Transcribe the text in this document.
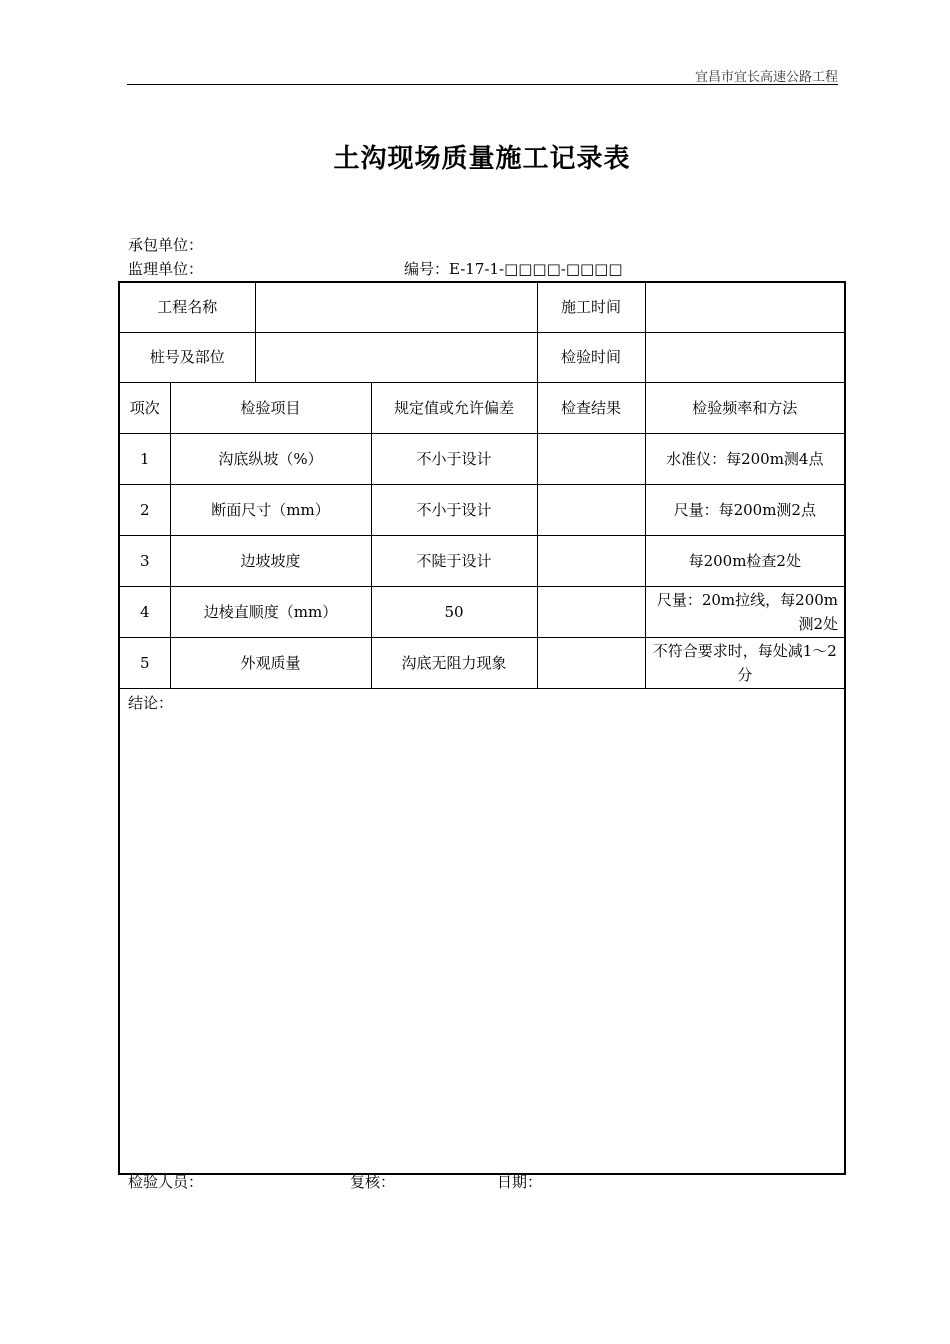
宜昌市宜长高速公路工程
土沟现场质量施工记录表
承包单位：
监理单位：	编号：E-17-1-□□□□-□□□□
工程名称				施工时间	
桩号及部位				检验时间	
项次	检验项目		规定值或允许偏差	检查结果	检验频率和方法
1	沟底纵坡（%）		不小于设计		水准仪：每200m测4点
2	断面尺寸（mm）		不小于设计		尺量：每200m测2点
3	边坡坡度		不陡于设计		每200m检查2处
4	边棱直顺度（mm）		50		尺量：20m拉线，每200m测2处
5	外观质量		沟底无阻力现象		不符合要求时，每处减1～2分
结论：					
检验人员：	复核：	日期：
